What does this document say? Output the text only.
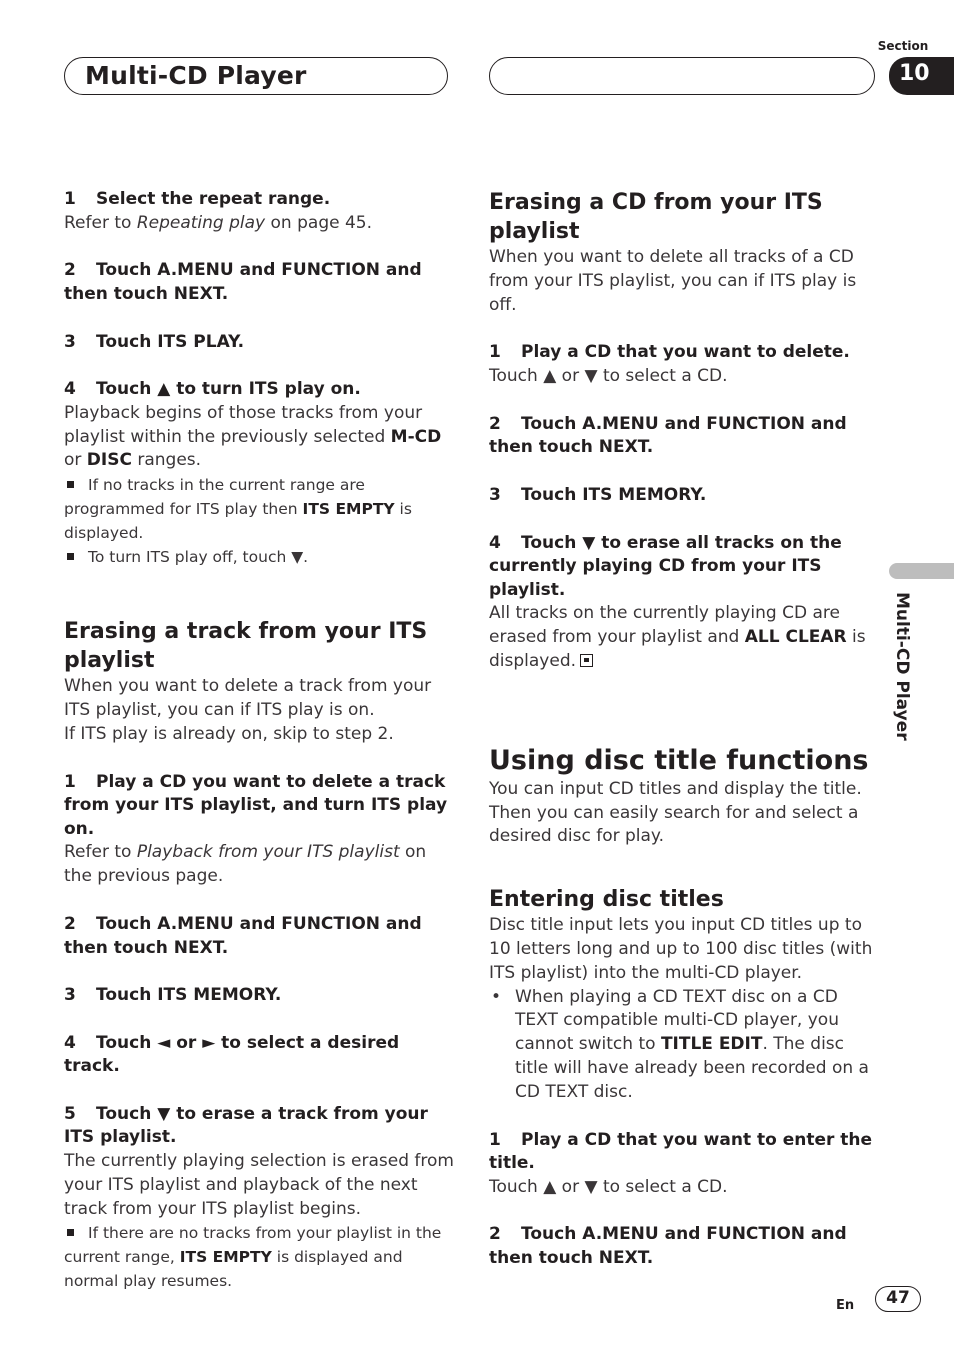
Multi-CD Player
Section
10
Multi-CD Player

1 Select the repeat range.

Refer to Repeating play on page 45.

2 Touch A.MENU and FUNCTION and then touch NEXT.

3 Touch ITS PLAY.

4 Touch ▲ to turn ITS play on.

Playback begins of those tracks from your playlist within the previously selected M-CD or DISC ranges.

If no tracks in the current range are programmed for ITS play then ITS EMPTY is displayed.

To turn ITS play off, touch ▼.

Erasing a track from your ITS playlist

When you want to delete a track from your ITS playlist, you can if ITS play is on.

If ITS play is already on, skip to step 2.

1 Play a CD you want to delete a track from your ITS playlist, and turn ITS play on.

Refer to Playback from your ITS playlist on the previous page.

2 Touch A.MENU and FUNCTION and then touch NEXT.

3 Touch ITS MEMORY.

4 Touch ◄ or ► to select a desired track.

5 Touch ▼ to erase a track from your ITS playlist.

The currently playing selection is erased from your ITS playlist and playback of the next track from your ITS playlist begins.

If there are no tracks from your playlist in the current range, ITS EMPTY is displayed and normal play resumes.

Erasing a CD from your ITS playlist

When you want to delete all tracks of a CD from your ITS playlist, you can if ITS play is off.

1 Play a CD that you want to delete.

Touch ▲ or ▼ to select a CD.

2 Touch A.MENU and FUNCTION and then touch NEXT.

3 Touch ITS MEMORY.

4 Touch ▼ to erase all tracks on the currently playing CD from your ITS playlist.

All tracks on the currently playing CD are erased from your playlist and ALL CLEAR is displayed.

Using disc title functions

You can input CD titles and display the title. Then you can easily search for and select a desired disc for play.

Entering disc titles

Disc title input lets you input CD titles up to 10 letters long and up to 100 disc titles (with ITS playlist) into the multi-CD player.

• When playing a CD TEXT disc on a CD TEXT compatible multi-CD player, you cannot switch to TITLE EDIT. The disc title will have already been recorded on a CD TEXT disc.

1 Play a CD that you want to enter the title.

Touch ▲ or ▼ to select a CD.

2 Touch A.MENU and FUNCTION and then touch NEXT.

En	47
